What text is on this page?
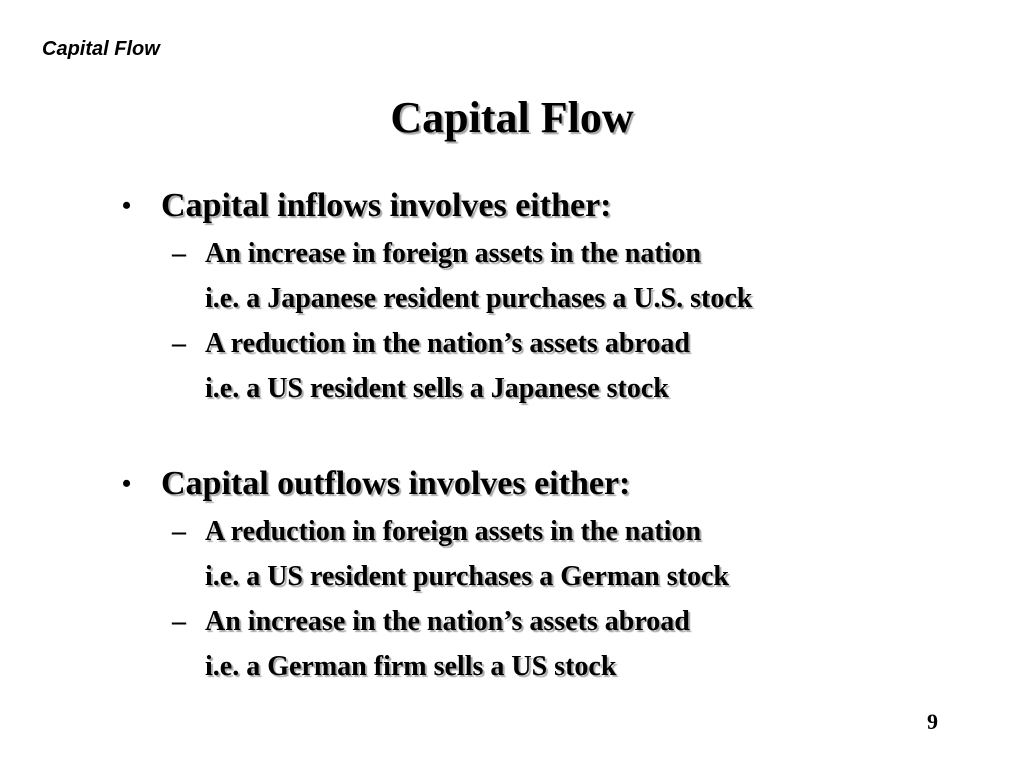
Capital Flow
Capital Flow
• Capital inflows involves either:
– An increase in foreign assets in the nation
i.e. a Japanese resident purchases a U.S. stock
– A reduction in the nation’s assets abroad
i.e. a US resident sells a Japanese stock
• Capital outflows involves either:
– A reduction in foreign assets in the nation
i.e. a US resident purchases a German stock
– An increase in the nation’s assets abroad
i.e. a German firm sells a US stock
9
